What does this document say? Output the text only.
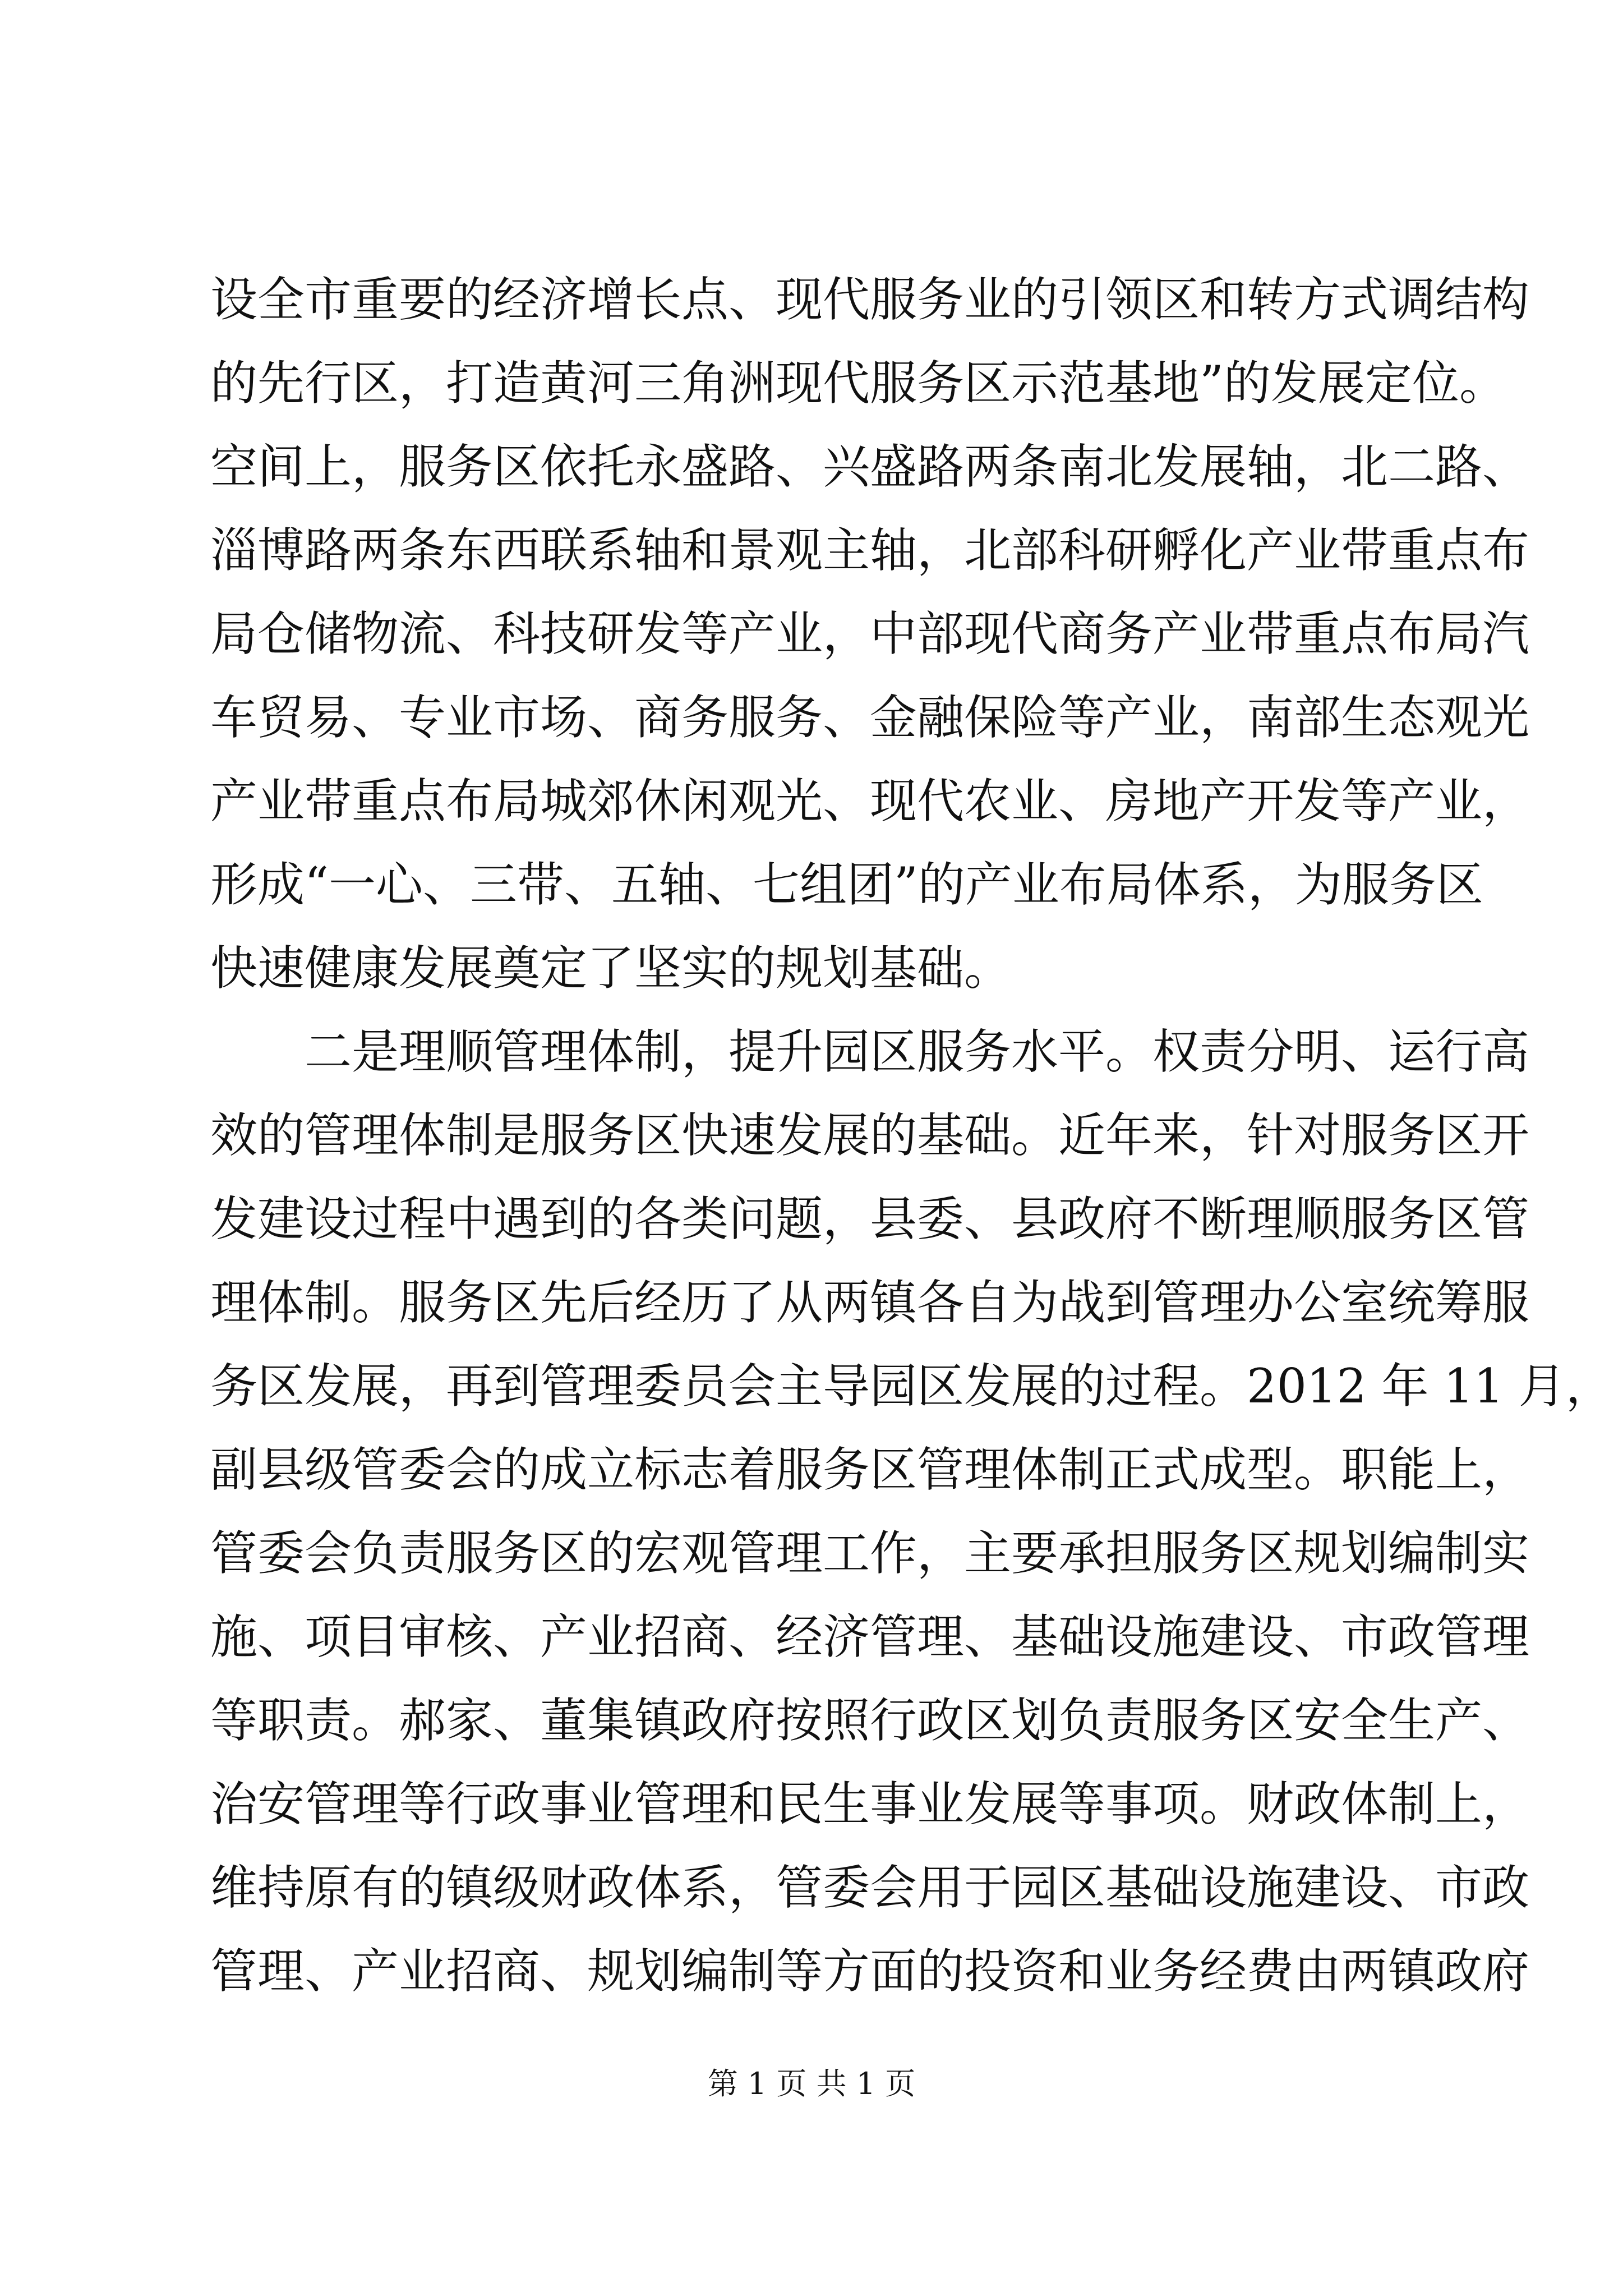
设全市重要的经济增长点、现代服务业的引领区和转方式调结构
的先行区，打造黄河三角洲现代服务区示范基地”的发展定位。
空间上，服务区依托永盛路、兴盛路两条南北发展轴，北二路、
淄博路两条东西联系轴和景观主轴，北部科研孵化产业带重点布
局仓储物流、科技研发等产业，中部现代商务产业带重点布局汽
车贸易、专业市场、商务服务、金融保险等产业，南部生态观光
产业带重点布局城郊休闲观光、现代农业、房地产开发等产业，
形成“一心、三带、五轴、七组团”的产业布局体系，为服务区
快速健康发展奠定了坚实的规划基础。
二是理顺管理体制，提升园区服务水平。权责分明、运行高
效的管理体制是服务区快速发展的基础。近年来，针对服务区开
发建设过程中遇到的各类问题，县委、县政府不断理顺服务区管
理体制。服务区先后经历了从两镇各自为战到管理办公室统筹服
务区发展，再到管理委员会主导园区发展的过程。2012 年 11 月，
副县级管委会的成立标志着服务区管理体制正式成型。职能上，
管委会负责服务区的宏观管理工作，主要承担服务区规划编制实
施、项目审核、产业招商、经济管理、基础设施建设、市政管理
等职责。郝家、董集镇政府按照行政区划负责服务区安全生产、
治安管理等行政事业管理和民生事业发展等事项。财政体制上，
维持原有的镇级财政体系，管委会用于园区基础设施建设、市政
管理、产业招商、规划编制等方面的投资和业务经费由两镇政府
第 1 页 共 1 页
